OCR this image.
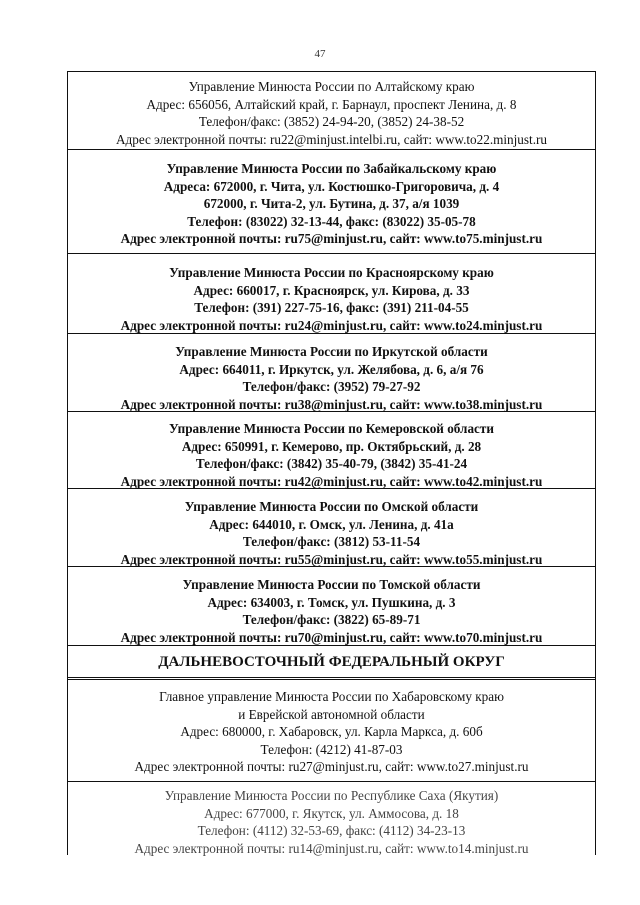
47
Управление Минюста России по Алтайскому краю
Адрес: 656056, Алтайский край, г. Барнаул, проспект Ленина, д. 8
Телефон/факс: (3852) 24-94-20, (3852) 24-38-52
Адрес электронной почты: ru22@minjust.intelbi.ru, сайт: www.to22.minjust.ru
Управление Минюста России по Забайкальскому краю
Адреса: 672000, г. Чита, ул. Костюшко-Григоровича, д. 4
672000, г. Чита-2, ул. Бутина, д. 37, а/я 1039
Телефон: (83022) 32-13-44, факс: (83022) 35-05-78
Адрес электронной почты: ru75@minjust.ru, сайт: www.to75.minjust.ru
Управление Минюста России по Красноярскому краю
Адрес: 660017, г. Красноярск, ул. Кирова, д. 33
Телефон: (391) 227-75-16, факс: (391) 211-04-55
Адрес электронной почты: ru24@minjust.ru, сайт: www.to24.minjust.ru
Управление Минюста России по Иркутской области
Адрес: 664011, г. Иркутск, ул. Желябова, д. 6, а/я 76
Телефон/факс: (3952) 79-27-92
Адрес электронной почты: ru38@minjust.ru, сайт: www.to38.minjust.ru
Управление Минюста России по Кемеровской области
Адрес: 650991, г. Кемерово, пр. Октябрьский, д. 28
Телефон/факс: (3842) 35-40-79, (3842) 35-41-24
Адрес электронной почты: ru42@minjust.ru, сайт: www.to42.minjust.ru
Управление Минюста России по Омской области
Адрес: 644010, г. Омск, ул. Ленина, д. 41а
Телефон/факс: (3812) 53-11-54
Адрес электронной почты: ru55@minjust.ru, сайт: www.to55.minjust.ru
Управление Минюста России по Томской области
Адрес: 634003, г. Томск, ул. Пушкина, д. 3
Телефон/факс: (3822) 65-89-71
Адрес электронной почты: ru70@minjust.ru, сайт: www.to70.minjust.ru
ДАЛЬНЕВОСТОЧНЫЙ ФЕДЕРАЛЬНЫЙ ОКРУГ
Главное управление Минюста России по Хабаровскому краю
и Еврейской автономной области
Адрес: 680000, г. Хабаровск, ул. Карла Маркса, д. 60б
Телефон: (4212) 41-87-03
Адрес электронной почты: ru27@minjust.ru, сайт: www.to27.minjust.ru
Управление Минюста России по Республике Саха (Якутия)
Адрес: 677000, г. Якутск, ул. Аммосова, д. 18
Телефон: (4112) 32-53-69, факс: (4112) 34-23-13
Адрес электронной почты: ru14@minjust.ru, сайт: www.to14.minjust.ru
